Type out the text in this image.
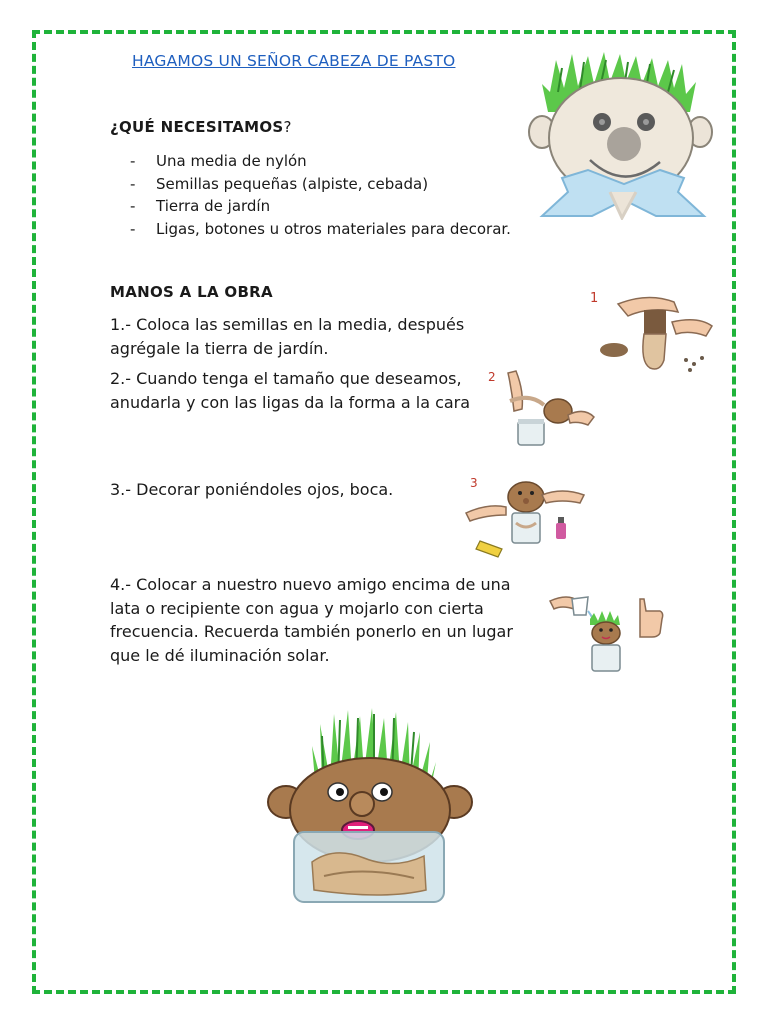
HAGAMOS UN SEÑOR CABEZA DE PASTO
¿QUÉ NECESITAMOS?
- Una media de nylón
- Semillas pequeñas (alpiste, cebada)
- Tierra de jardín
- Ligas, botones u otros materiales para decorar.
MANOS A LA OBRA

1.- Coloca las semillas en la media, después agrégale la tierra de jardín.

2.- Cuando tenga el tamaño que deseamos, anudarla y con las ligas da la forma a la cara

3.- Decorar poniéndoles ojos, boca.

4.- Colocar a nuestro nuevo amigo encima de una lata o recipiente con agua y mojarlo con cierta frecuencia. Recuerda también ponerlo en un lugar que le dé iluminación solar.

1
2
3
